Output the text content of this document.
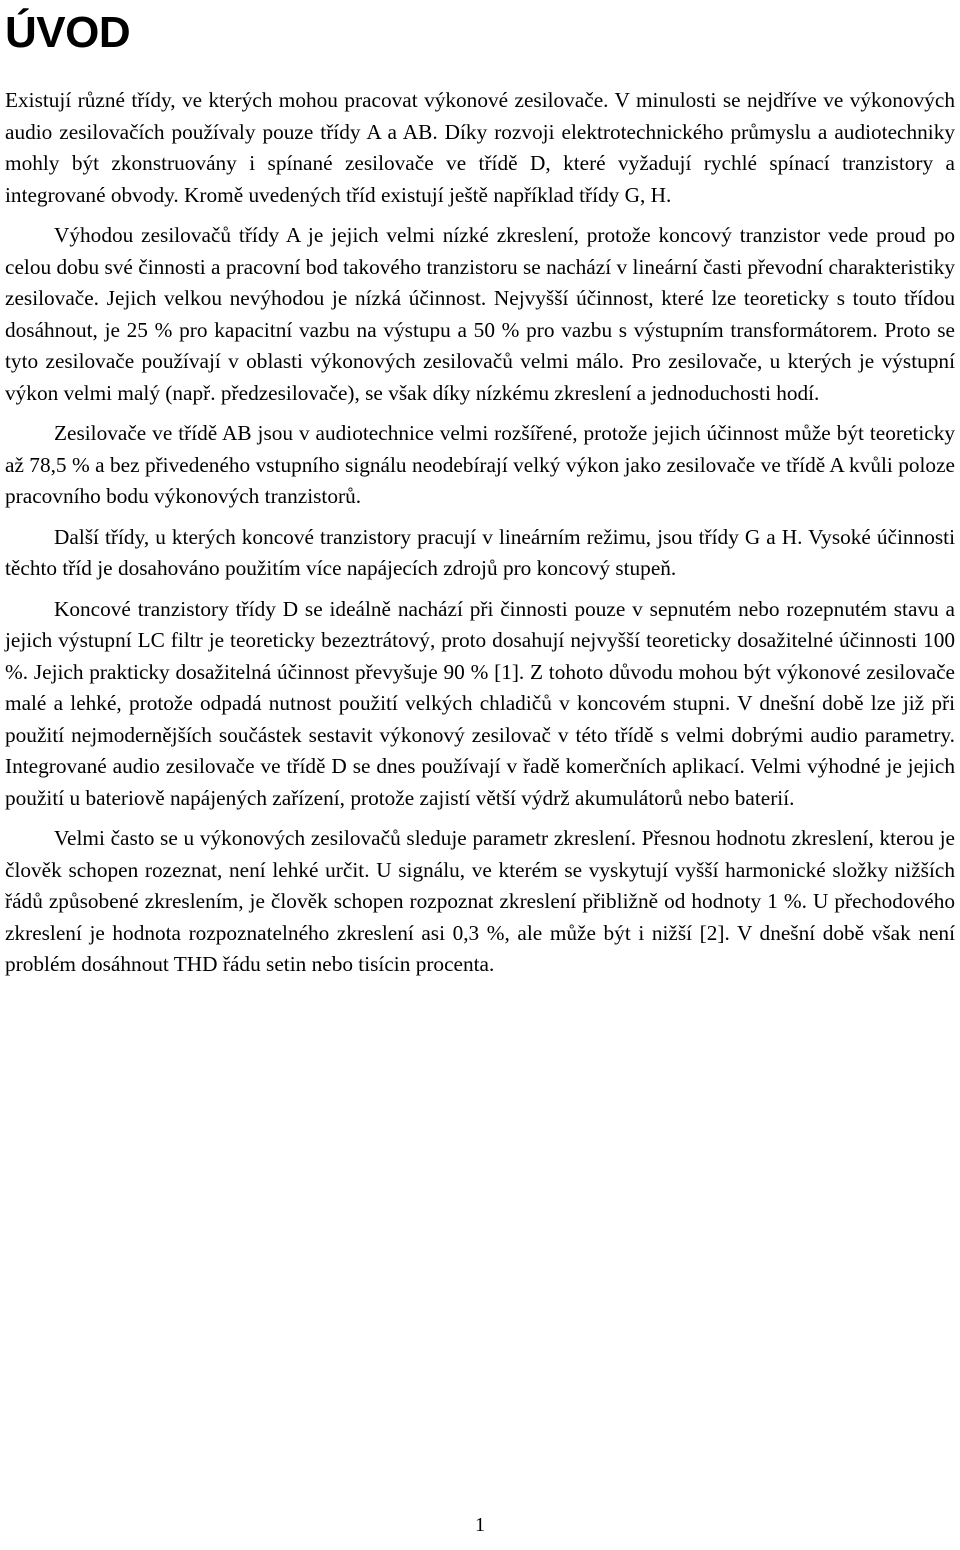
ÚVOD

Existují různé třídy, ve kterých mohou pracovat výkonové zesilovače. V minulosti se nejdříve ve výkonových audio zesilovačích používaly pouze třídy A a AB. Díky rozvoji elektrotechnického průmyslu a audiotechniky mohly být zkonstruovány i spínané zesilovače ve třídě D, které vyžadují rychlé spínací tranzistory a integrované obvody. Kromě uvedených tříd existují ještě například třídy G, H.

Výhodou zesilovačů třídy A je jejich velmi nízké zkreslení, protože koncový tranzistor vede proud po celou dobu své činnosti a pracovní bod takového tranzistoru se nachází v lineární časti převodní charakteristiky zesilovače. Jejich velkou nevýhodou je nízká účinnost. Nejvyšší účinnost, které lze teoreticky s touto třídou dosáhnout, je 25 % pro kapacitní vazbu na výstupu a 50 % pro vazbu s výstupním transformátorem. Proto se tyto zesilovače používají v oblasti výkonových zesilovačů velmi málo. Pro zesilovače, u kterých je výstupní výkon velmi malý (např. předzesilovače), se však díky nízkému zkreslení a jednoduchosti hodí.

Zesilovače ve třídě AB jsou v audiotechnice velmi rozšířené, protože jejich účinnost může být teoreticky až 78,5 % a bez přivedeného vstupního signálu neodebírají velký výkon jako zesilovače ve třídě A kvůli poloze pracovního bodu výkonových tranzistorů.

Další třídy, u kterých koncové tranzistory pracují v lineárním režimu, jsou třídy G a H. Vysoké účinnosti těchto tříd je dosahováno použitím více napájecích zdrojů pro koncový stupeň.

Koncové tranzistory třídy D se ideálně nachází při činnosti pouze v sepnutém nebo rozepnutém stavu a jejich výstupní LC filtr je teoreticky bezeztrátový, proto dosahují nejvyšší teoreticky dosažitelné účinnosti 100 %. Jejich prakticky dosažitelná účinnost převyšuje 90 % [1]. Z tohoto důvodu mohou být výkonové zesilovače malé a lehké, protože odpadá nutnost použití velkých chladičů v koncovém stupni. V dnešní době lze již při použití nejmodernějších součástek sestavit výkonový zesilovač v této třídě s velmi dobrými audio parametry. Integrované audio zesilovače ve třídě D se dnes používají v řadě komerčních aplikací. Velmi výhodné je jejich použití u bateriově napájených zařízení, protože zajistí větší výdrž akumulátorů nebo baterií.

Velmi často se u výkonových zesilovačů sleduje parametr zkreslení. Přesnou hodnotu zkreslení, kterou je člověk schopen rozeznat, není lehké určit. U signálu, ve kterém se vyskytují vyšší harmonické složky nižších řádů způsobené zkreslením, je člověk schopen rozpoznat zkreslení přibližně od hodnoty 1 %. U přechodového zkreslení je hodnota rozpoznatelného zkreslení asi 0,3 %, ale může být i nižší [2]. V dnešní době však není problém dosáhnout THD řádu setin nebo tisícin procenta.

1
